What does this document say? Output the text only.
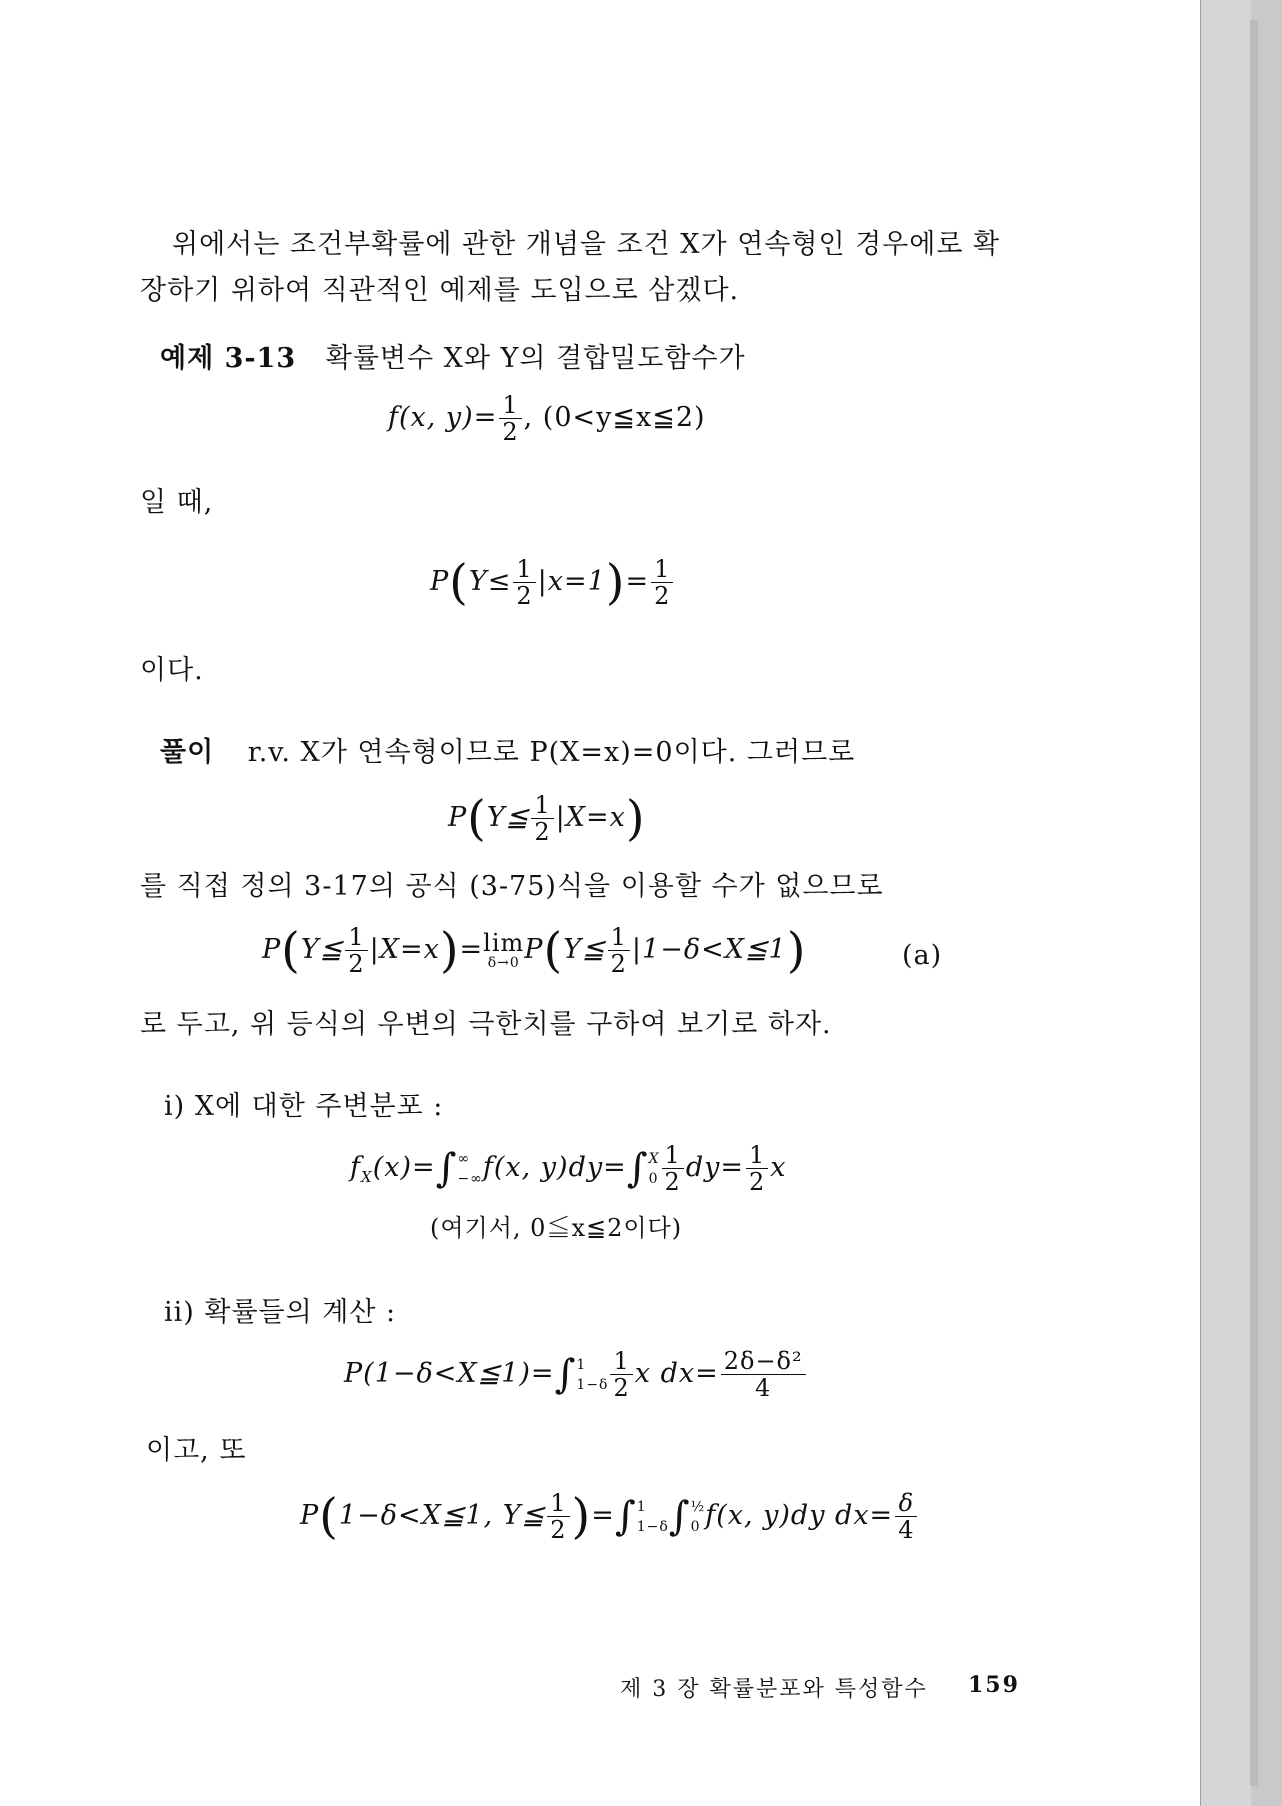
위에서는 조건부확률에 관한 개념을 조건 X가 연속형인 경우에로 확
장하기 위하여 직관적인 예제를 도입으로 삼겠다.
예제 3-13 확률변수 X와 Y의 결합밀도함수가
f(x, $y)= \frac{1}{2}$ , (0<y≦x≦2)
일 때,
$P(Y\le \frac{1}{2} |x=1)= \frac{1}{2}$
이다.
풀이 r.v. X가 연속형이므로 P(X=x)=0이다. 그러므로
P(Y≦ $\frac{1}{2} |X=x$)
를 직접 정의 3-17의 공식 (3-75)식을 이용할 수가 없으므로
P(Y≦ $\frac{1}{2} |X=x)= \lim$
δ→0 P(Y≦ $\frac{1}{2}$ |1−δ<X≦1)	(a)
로 두고, 위 등식의 우변의 극한치를 구하여 보기로 하자.
i) X에 대한 주변분포 :
$f_X(x)=\int$ ∞
−∞ f(x, y)dy=∫ X
$0 \frac{1}{2} dy= \frac{1}{2}$ x
(여기서, 0≦x≦2이다)
ii) 확률들의 계산 :
P(1−δ<X≦1)=∫ 1
$1-\delta \frac{1}{2}$ x $dx= \frac{\text{2δ−δ²}}{4}$
이고, 또
P(1−δ<X≦1, Y≦ $\frac{1}{2}$ )=∫ 1
1−δ ∫ ½
0 f(x, y)dy $dx= \frac{\delta}{4}$
제 3 장 확률분포와 특성함수 159
